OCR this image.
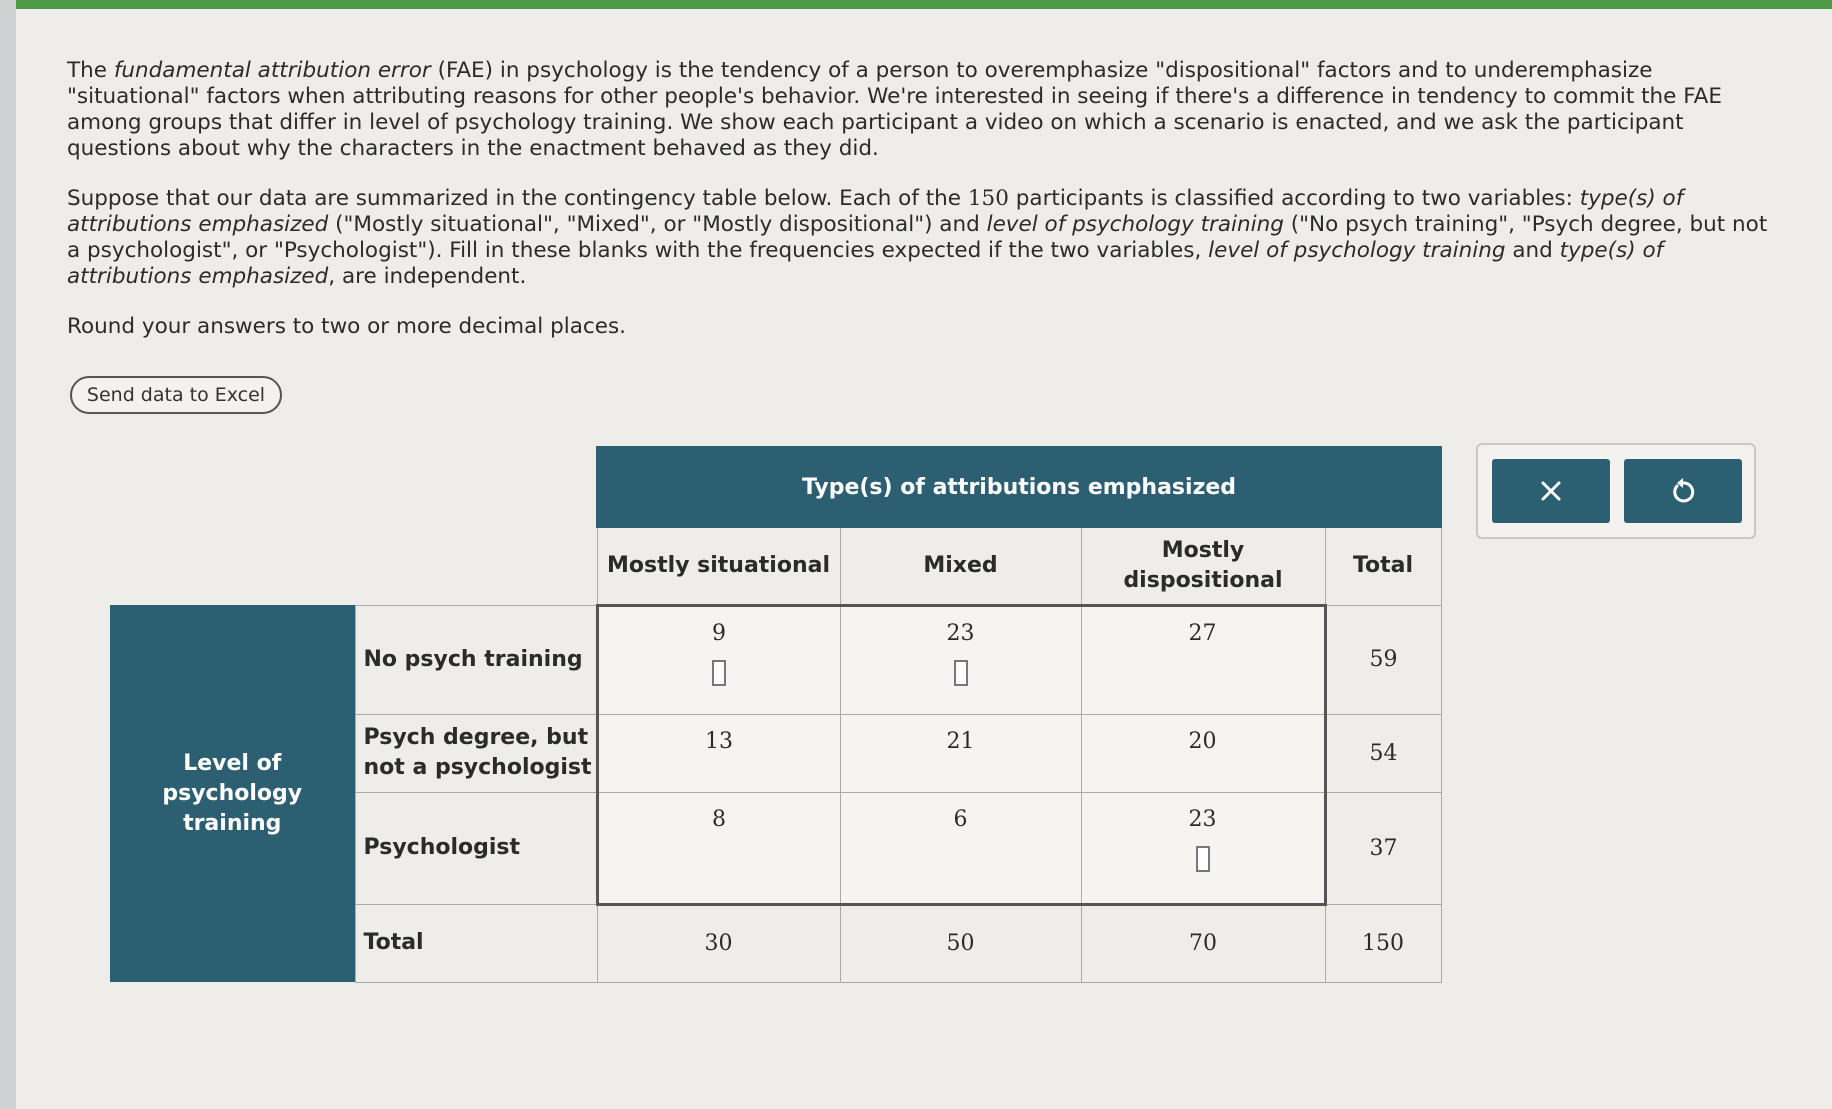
The fundamental attribution error (FAE) in psychology is the tendency of a person to overemphasize "dispositional" factors and to underemphasize "situational" factors when attributing reasons for other people's behavior. We're interested in seeing if there's a difference in tendency to commit the FAE among groups that differ in level of psychology training. We show each participant a video on which a scenario is enacted, and we ask the participant questions about why the characters in the enactment behaved as they did.

Suppose that our data are summarized in the contingency table below. Each of the 150 participants is classified according to two variables: type(s) of attributions emphasized ("Mostly situational", "Mixed", or "Mostly dispositional") and level of psychology training ("No psych training", "Psych degree, but not a psychologist", or "Psychologist"). Fill in these blanks with the frequencies expected if the two variables, level of psychology training and type(s) of attributions emphasized, are independent.

Round your answers to two or more decimal places.

Send data to Excel
		Type(s) of attributions emphasized			
		Mostly situational	Mixed	Mostly dispositional	Total

Level of psychology training	No psych training	9	23	27	59
	Psych degree, but not a psychologist	13	21	20	54
	Psychologist	8	6	23	37
	Total	30	50	70	150
